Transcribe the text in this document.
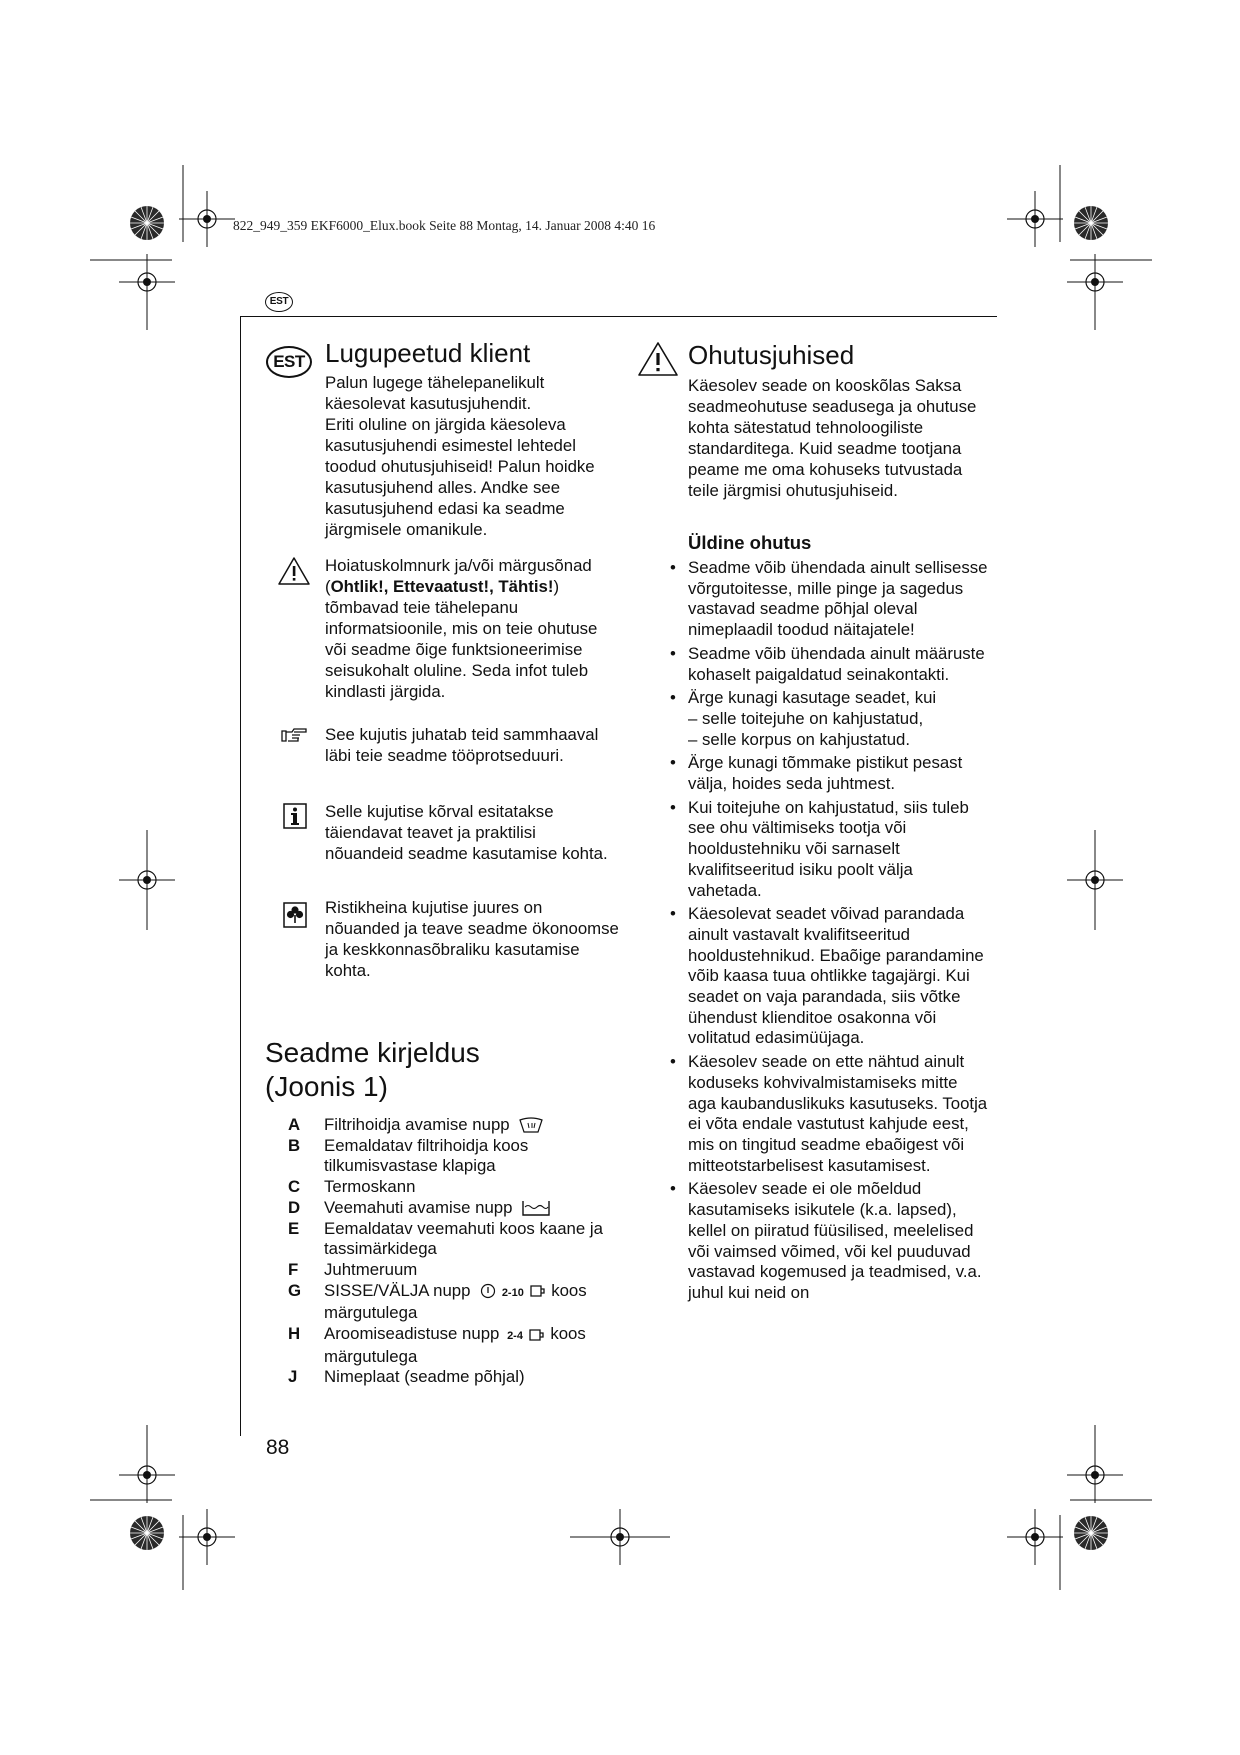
822_949_359 EKF6000_Elux.book Seite 88 Montag, 14. Januar 2008 4:40 16
EST
EST Lugupeetud klient

Palun lugege tähelepanelikult käesolevat kasutusjuhendit.

Eriti oluline on järgida käesoleva kasutusjuhendi esimestel lehtedel toodud ohutusjuhiseid! Palun hoidke kasutusjuhend alles. Andke see kasutusjuhend edasi ka seadme järgmisele omanikule.

Hoiatuskolmnurk ja/või märgusõnad (Ohtlik!, Ettevaatust!, Tähtis!) tõmbavad teie tähelepanu informatsioonile, mis on teie ohutuse või seadme õige funktsioneerimise seisukohalt oluline. Seda infot tuleb kindlasti järgida.

See kujutis juhatab teid sammhaaval läbi teie seadme tööprotseduuri.

Selle kujutise kõrval esitatakse täiendavat teavet ja praktilisi nõuandeid seadme kasutamise kohta.

Ristikheina kujutise juures on nõuanded ja teave seadme ökonoomse ja keskkonnasõbraliku kasutamise kohta.

Seadme kirjeldus
(Joonis 1)
A Filtrihoidja avamise nupp
B Eemaldatav filtrihoidja koos tilkumisvastase klapiga
C Termoskann
D Veemahuti avamise nupp
E Eemaldatav veemahuti koos kaane ja tassimärkidega
F Juhtmeruum
G SISSE/VÄLJA nupp	2-10 koos märgutulega
H Aroomiseadistuse nupp 2-4 koos märgutulega
J Nimeplaat (seadme põhjal)
Ohutusjuhised

Käesolev seade on kooskõlas Saksa seadmeohutuse seadusega ja ohutuse kohta sätestatud tehnoloogiliste standarditega. Kuid seadme tootjana peame me oma kohuseks tutvustada teile järgmisi ohutusjuhiseid.

Üldine ohutus
• Seadme võib ühendada ainult sellisesse võrgutoitesse, mille pinge ja sagedus vastavad seadme põhjal oleval nimeplaadil toodud näitajatele!
• Seadme võib ühendada ainult määruste kohaselt paigaldatud seinakontakti.
• Ärge kunagi kasutage seadet, kui
– selle toitejuhe on kahjustatud,
– selle korpus on kahjustatud.
• Ärge kunagi tõmmake pistikut pesast välja, hoides seda juhtmest.
• Kui toitejuhe on kahjustatud, siis tuleb see ohu vältimiseks tootja või hooldustehniku või sarnaselt kvalifitseeritud isiku poolt välja vahetada.
• Käesolevat seadet võivad parandada ainult vastavalt kvalifitseeritud hooldustehnikud. Ebaõige parandamine võib kaasa tuua ohtlikke tagajärgi. Kui seadet on vaja parandada, siis võtke ühendust klienditoe osakonna või volitatud edasimüüjaga.
• Käesolev seade on ette nähtud ainult koduseks kohvivalmistamiseks mitte aga kaubanduslikuks kasutuseks. Tootja ei võta endale vastutust kahjude eest, mis on tingitud seadme ebaõigest või mitteotstarbelisest kasutamisest.
• Käesolev seade ei ole mõeldud kasutamiseks isikutele (k.a. lapsed), kellel on piiratud füüsilised, meelelised või vaimsed võimed, või kel puuduvad vastavad kogemused ja teadmised, v.a. juhul kui neid on
88
